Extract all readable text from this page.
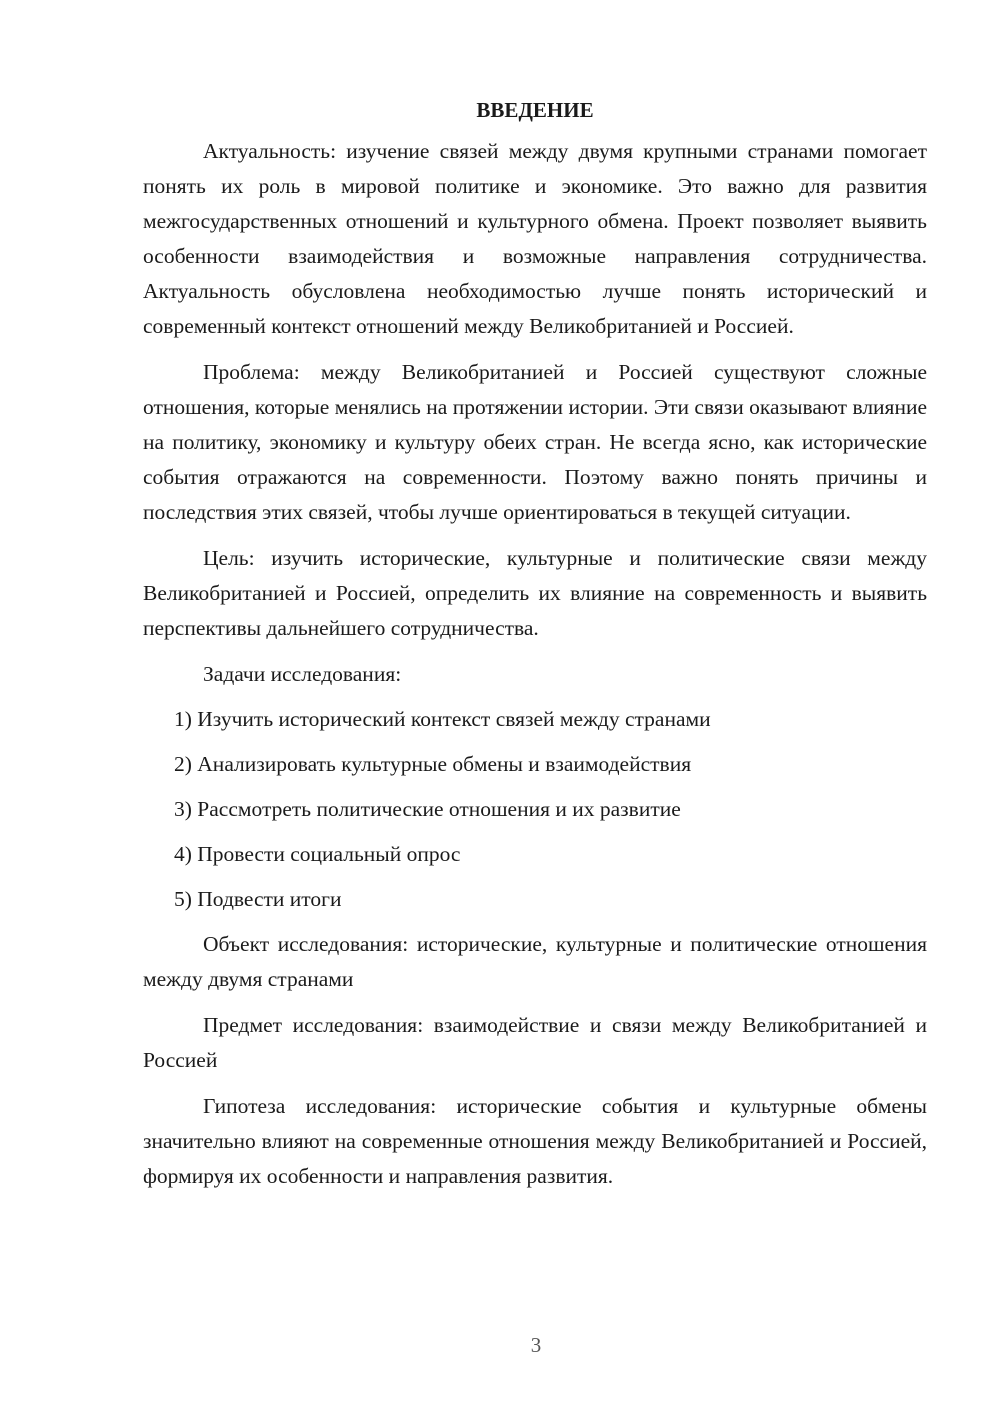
ВВЕДЕНИЕ

Актуальность: изучение связей между двумя крупными странами помогает понять их роль в мировой политике и экономике. Это важно для развития межгосударственных отношений и культурного обмена. Проект позволяет выявить особенности взаимодействия и возможные направления сотрудничества. Актуальность обусловлена необходимостью лучше понять исторический и современный контекст отношений между Великобританией и Россией.

Проблема: между Великобританией и Россией существуют сложные отношения, которые менялись на протяжении истории. Эти связи оказывают влияние на политику, экономику и культуру обеих стран. Не всегда ясно, как исторические события отражаются на современности. Поэтому важно понять причины и последствия этих связей, чтобы лучше ориентироваться в текущей ситуации.

Цель: изучить исторические, культурные и политические связи между Великобританией и Россией, определить их влияние на современность и выявить перспективы дальнейшего сотрудничества.

Задачи исследования:

1) Изучить исторический контекст связей между странами
2) Анализировать культурные обмены и взаимодействия
3) Рассмотреть политические отношения и их развитие
4) Провести социальный опрос
5) Подвести итоги

Объект исследования: исторические, культурные и политические отношения между двумя странами

Предмет исследования: взаимодействие и связи между Великобританией и Россией

Гипотеза исследования: исторические события и культурные обмены значительно влияют на современные отношения между Великобританией и Россией, формируя их особенности и направления развития.

3
